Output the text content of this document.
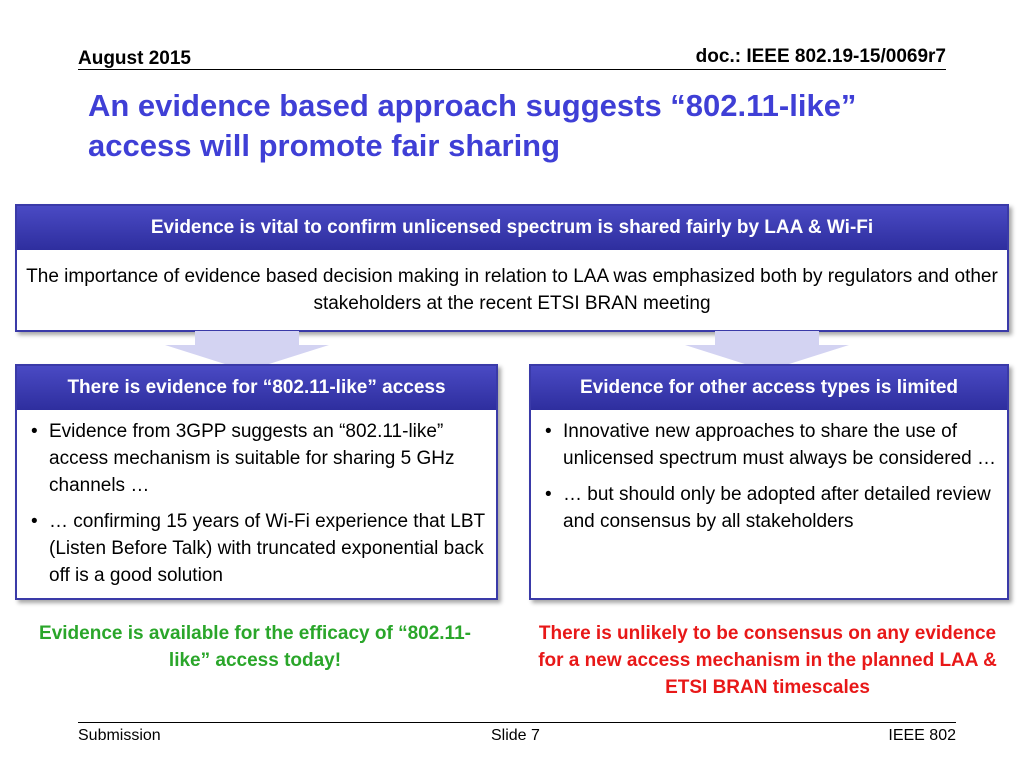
August 2015	doc.: IEEE 802.19-15/0069r7
An evidence based approach suggests “802.11-like” access will promote fair sharing
Evidence is vital to confirm unlicensed spectrum is shared fairly by LAA & Wi-Fi
The importance of evidence based decision making in relation to LAA was emphasized both by regulators and other stakeholders at the recent ETSI BRAN meeting
There is evidence for “802.11-like” access
• Evidence from 3GPP suggests an “802.11-like” access mechanism is suitable for sharing 5 GHz channels …
• … confirming 15 years of Wi-Fi experience that LBT (Listen Before Talk) with truncated exponential back off is a good solution
Evidence for other access types is limited
• Innovative new approaches to share the use of unlicensed spectrum must always be considered …
• … but should only be adopted after detailed review and consensus by all stakeholders
Evidence is available for the efficacy of “802.11-like” access today!
There is unlikely to be consensus on any evidence for a new access mechanism in the planned LAA & ETSI BRAN timescales
Submission	Slide 7	IEEE 802
